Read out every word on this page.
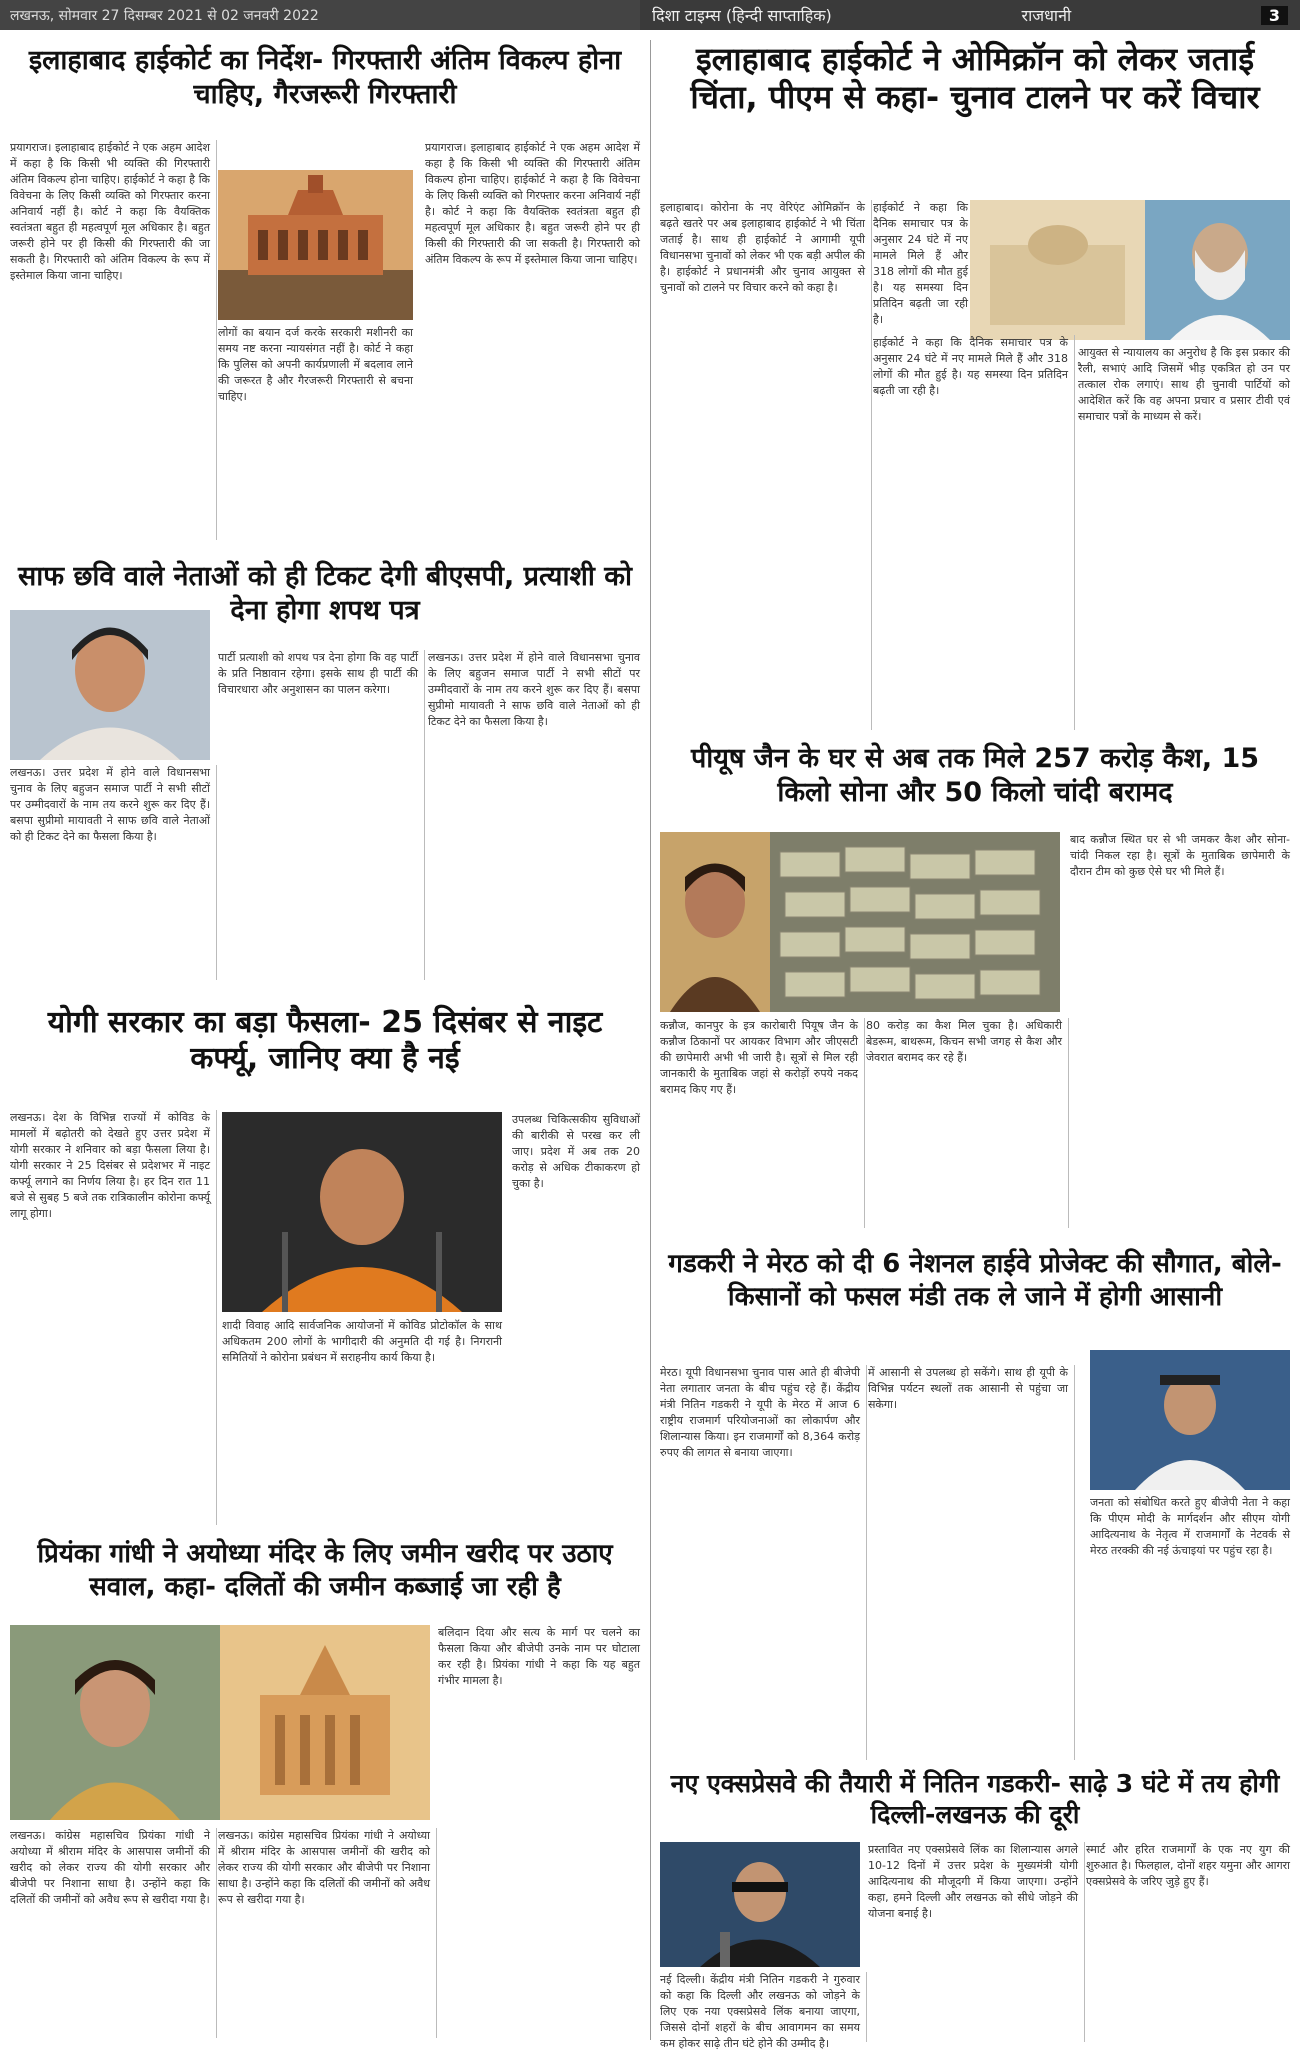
लखनऊ, सोमवार 27 दिसम्बर 2021 से 02 जनवरी 2022	दिशा टाइम्स (हिन्दी साप्ताहिक)	राजधानी	3
इलाहाबाद हाईकोर्ट का निर्देश- गिरफ्तारी अंतिम विकल्प होना चाहिए, गैरजरूरी गिरफ्तारी
प्रयागराज। इलाहाबाद हाईकोर्ट ने एक अहम आदेश में कहा है कि किसी भी व्यक्ति की गिरफ्तारी अंतिम विकल्प होना चाहिए। हाईकोर्ट ने कहा है कि विवेचना के लिए किसी व्यक्ति को गिरफ्तार करना अनिवार्य नहीं है। कोर्ट ने कहा कि वैयक्तिक स्वतंत्रता बहुत ही महत्वपूर्ण मूल अधिकार है। बहुत जरूरी होने पर ही किसी की गिरफ्तारी की जा सकती है। गिरफ्तारी को अंतिम विकल्प के रूप में इस्तेमाल किया जाना चाहिए।
लोगों का बयान दर्ज करके सरकारी मशीनरी का समय नष्ट करना न्यायसंगत नहीं है। कोर्ट ने कहा कि पुलिस को अपनी कार्यप्रणाली में बदलाव लाने की जरूरत है और गैरजरूरी गिरफ्तारी से बचना चाहिए।
प्रयागराज। इलाहाबाद हाईकोर्ट ने एक अहम आदेश में कहा है कि किसी भी व्यक्ति की गिरफ्तारी अंतिम विकल्प होना चाहिए। हाईकोर्ट ने कहा है कि विवेचना के लिए किसी व्यक्ति को गिरफ्तार करना अनिवार्य नहीं है। कोर्ट ने कहा कि वैयक्तिक स्वतंत्रता बहुत ही महत्वपूर्ण मूल अधिकार है। बहुत जरूरी होने पर ही किसी की गिरफ्तारी की जा सकती है। गिरफ्तारी को अंतिम विकल्प के रूप में इस्तेमाल किया जाना चाहिए।
साफ छवि वाले नेताओं को ही टिकट देगी बीएसपी, प्रत्याशी को देना होगा शपथ पत्र
लखनऊ। उत्तर प्रदेश में होने वाले विधानसभा चुनाव के लिए बहुजन समाज पार्टी ने सभी सीटों पर उम्मीदवारों के नाम तय करने शुरू कर दिए हैं। बसपा सुप्रीमो मायावती ने साफ छवि वाले नेताओं को ही टिकट देने का फैसला किया है।
पार्टी प्रत्याशी को शपथ पत्र देना होगा कि वह पार्टी के प्रति निष्ठावान रहेगा। इसके साथ ही पार्टी की विचारधारा और अनुशासन का पालन करेगा।
लखनऊ। उत्तर प्रदेश में होने वाले विधानसभा चुनाव के लिए बहुजन समाज पार्टी ने सभी सीटों पर उम्मीदवारों के नाम तय करने शुरू कर दिए हैं। बसपा सुप्रीमो मायावती ने साफ छवि वाले नेताओं को ही टिकट देने का फैसला किया है।
योगी सरकार का बड़ा फैसला- 25 दिसंबर से नाइट कर्फ्यू, जानिए क्या है नई
लखनऊ। देश के विभिन्न राज्यों में कोविड के मामलों में बढ़ोतरी को देखते हुए उत्तर प्रदेश में योगी सरकार ने शनिवार को बड़ा फैसला लिया है। योगी सरकार ने 25 दिसंबर से प्रदेशभर में नाइट कर्फ्यू लगाने का निर्णय लिया है। हर दिन रात 11 बजे से सुबह 5 बजे तक रात्रिकालीन कोरोना कर्फ्यू लागू होगा।
शादी विवाह आदि सार्वजनिक आयोजनों में कोविड प्रोटोकॉल के साथ अधिकतम 200 लोगों के भागीदारी की अनुमति दी गई है। निगरानी समितियों ने कोरोना प्रबंधन में सराहनीय कार्य किया है।
उपलब्ध चिकित्सकीय सुविधाओं की बारीकी से परख कर ली जाए। प्रदेश में अब तक 20 करोड़ से अधिक टीकाकरण हो चुका है।
प्रियंका गांधी ने अयोध्या मंदिर के लिए जमीन खरीद पर उठाए सवाल, कहा- दलितों की जमीन कब्जाई जा रही है
लखनऊ। कांग्रेस महासचिव प्रियंका गांधी ने अयोध्या में श्रीराम मंदिर के आसपास जमीनों की खरीद को लेकर राज्य की योगी सरकार और बीजेपी पर निशाना साधा है। उन्होंने कहा कि दलितों की जमीनों को अवैध रूप से खरीदा गया है।
लखनऊ। कांग्रेस महासचिव प्रियंका गांधी ने अयोध्या में श्रीराम मंदिर के आसपास जमीनों की खरीद को लेकर राज्य की योगी सरकार और बीजेपी पर निशाना साधा है। उन्होंने कहा कि दलितों की जमीनों को अवैध रूप से खरीदा गया है।
बलिदान दिया और सत्य के मार्ग पर चलने का फैसला किया और बीजेपी उनके नाम पर घोटाला कर रही है। प्रियंका गांधी ने कहा कि यह बहुत गंभीर मामला है।
इलाहाबाद हाईकोर्ट ने ओमिक्रॉन को लेकर जताई चिंता, पीएम से कहा- चुनाव टालने पर करें विचार
इलाहाबाद। कोरोना के नए वेरिएंट ओमिक्रॉन के बढ़ते खतरे पर अब इलाहाबाद हाईकोर्ट ने भी चिंता जताई है। साथ ही हाईकोर्ट ने आगामी यूपी विधानसभा चुनावों को लेकर भी एक बड़ी अपील की है। हाईकोर्ट ने प्रधानमंत्री और चुनाव आयुक्त से चुनावों को टालने पर विचार करने को कहा है।
हाईकोर्ट ने कहा कि दैनिक समाचार पत्र के अनुसार 24 घंटे में नए मामले मिले हैं और 318 लोगों की मौत हुई है। यह समस्या दिन प्रतिदिन बढ़ती जा रही है।
हाईकोर्ट ने कहा कि दैनिक समाचार पत्र के अनुसार 24 घंटे में नए मामले मिले हैं और 318 लोगों की मौत हुई है। यह समस्या दिन प्रतिदिन बढ़ती जा रही है।
आयुक्त से न्यायालय का अनुरोध है कि इस प्रकार की रैली, सभाएं आदि जिसमें भीड़ एकत्रित हो उन पर तत्काल रोक लगाएं। साथ ही चुनावी पार्टियों को आदेशित करें कि वह अपना प्रचार व प्रसार टीवी एवं समाचार पत्रों के माध्यम से करें।
पीयूष जैन के घर से अब तक मिले 257 करोड़ कैश, 15 किलो सोना और 50 किलो चांदी बरामद
कन्नौज, कानपुर के इत्र कारोबारी पियूष जैन के कन्नौज ठिकानों पर आयकर विभाग और जीएसटी की छापेमारी अभी भी जारी है। सूत्रों से मिल रही जानकारी के मुताबिक जहां से करोड़ों रुपये नकद बरामद किए गए हैं।
80 करोड़ का कैश मिल चुका है। अधिकारी बेडरूम, बाथरूम, किचन सभी जगह से कैश और जेवरात बरामद कर रहे हैं।
बाद कन्नौज स्थित घर से भी जमकर कैश और सोना-चांदी निकल रहा है। सूत्रों के मुताबिक छापेमारी के दौरान टीम को कुछ ऐसे घर भी मिले हैं।
गडकरी ने मेरठ को दी 6 नेशनल हाईवे प्रोजेक्ट की सौगात, बोले- किसानों को फसल मंडी तक ले जाने में होगी आसानी
मेरठ। यूपी विधानसभा चुनाव पास आते ही बीजेपी नेता लगातार जनता के बीच पहुंच रहे हैं। केंद्रीय मंत्री नितिन गडकरी ने यूपी के मेरठ में आज 6 राष्ट्रीय राजमार्ग परियोजनाओं का लोकार्पण और शिलान्यास किया। इन राजमार्गों को 8,364 करोड़ रुपए की लागत से बनाया जाएगा।
में आसानी से उपलब्ध हो सकेंगे। साथ ही यूपी के विभिन्न पर्यटन स्थलों तक आसानी से पहुंचा जा सकेगा।
जनता को संबोधित करते हुए बीजेपी नेता ने कहा कि पीएम मोदी के मार्गदर्शन और सीएम योगी आदित्यनाथ के नेतृत्व में राजमार्गों के नेटवर्क से मेरठ तरक्की की नई ऊंचाइयां पर पहुंच रहा है।
नए एक्सप्रेसवे की तैयारी में नितिन गडकरी- साढ़े 3 घंटे में तय होगी दिल्ली-लखनऊ की दूरी
नई दिल्ली। केंद्रीय मंत्री नितिन गडकरी ने गुरुवार को कहा कि दिल्ली और लखनऊ को जोड़ने के लिए एक नया एक्सप्रेसवे लिंक बनाया जाएगा, जिससे दोनों शहरों के बीच आवागमन का समय कम होकर साढ़े तीन घंटे होने की उम्मीद है।
प्रस्तावित नए एक्सप्रेसवे लिंक का शिलान्यास अगले 10-12 दिनों में उत्तर प्रदेश के मुख्यमंत्री योगी आदित्यनाथ की मौजूदगी में किया जाएगा। उन्होंने कहा, हमने दिल्ली और लखनऊ को सीधे जोड़ने की योजना बनाई है।
स्मार्ट और हरित राजमार्गों के एक नए युग की शुरुआत है। फिलहाल, दोनों शहर यमुना और आगरा एक्सप्रेसवे के जरिए जुड़े हुए हैं।
